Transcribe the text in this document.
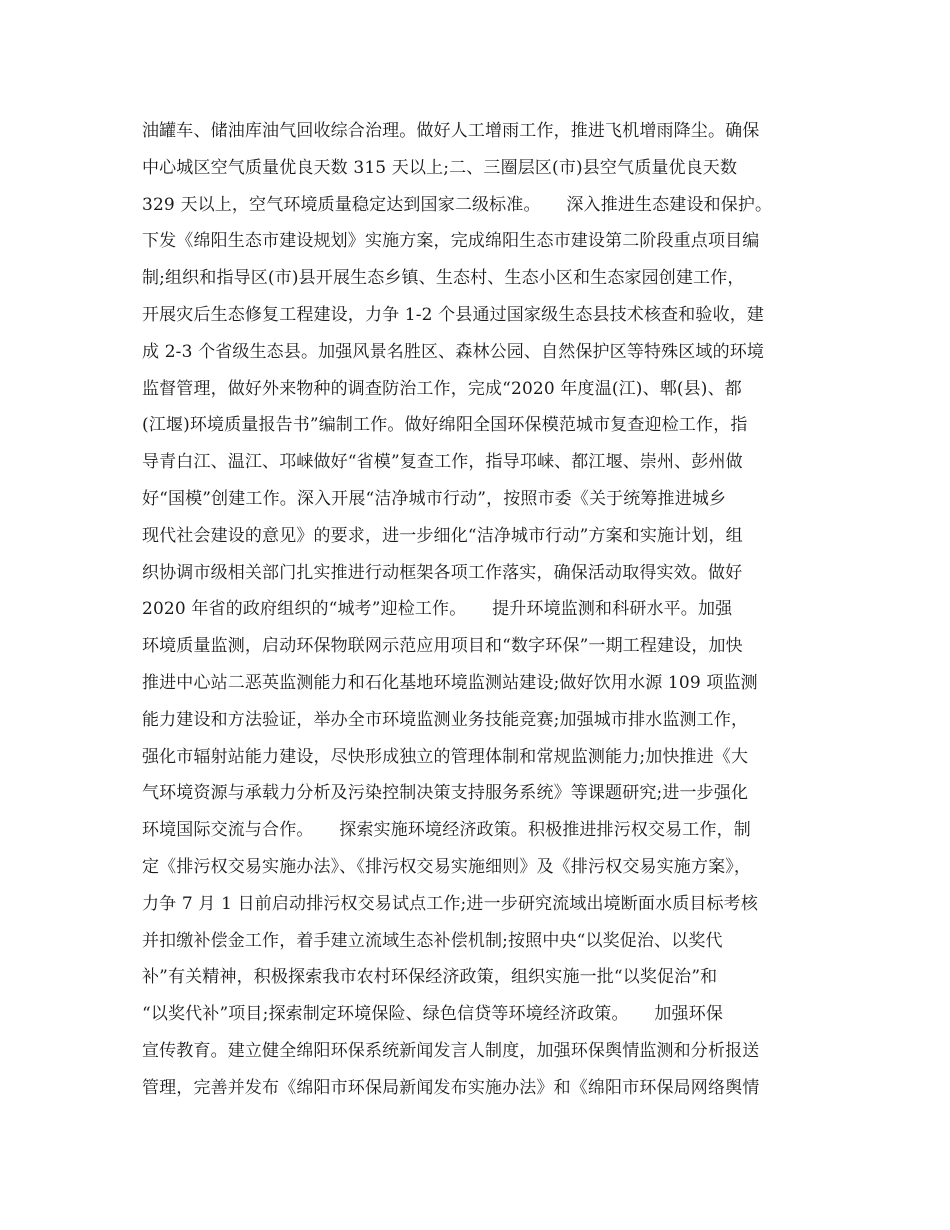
油罐车、储油库油气回收综合治理。做好人工增雨工作，推进飞机增雨降尘。确保
中心城区空气质量优良天数 315 天以上;二、三圈层区(市)县空气质量优良天数
329 天以上，空气环境质量稳定达到国家二级标准。　　深入推进生态建设和保护。
下发《绵阳生态市建设规划》实施方案，完成绵阳生态市建设第二阶段重点项目编
制;组织和指导区(市)县开展生态乡镇、生态村、生态小区和生态家园创建工作，
开展灾后生态修复工程建设，力争 1-2 个县通过国家级生态县技术核查和验收，建
成 2-3 个省级生态县。加强风景名胜区、森林公园、自然保护区等特殊区域的环境
监督管理，做好外来物种的调查防治工作，完成“2020 年度温(江)、郫(县)、都
(江堰)环境质量报告书”编制工作。做好绵阳全国环保模范城市复查迎检工作，指
导青白江、温江、邛崃做好“省模”复查工作，指导邛崃、都江堰、崇州、彭州做
好“国模”创建工作。深入开展“洁净城市行动”，按照市委《关于统筹推进城乡
现代社会建设的意见》的要求，进一步细化“洁净城市行动”方案和实施计划，组
织协调市级相关部门扎实推进行动框架各项工作落实，确保活动取得实效。做好
2020 年省的政府组织的“城考”迎检工作。　　提升环境监测和科研水平。加强
环境质量监测，启动环保物联网示范应用项目和“数字环保”一期工程建设，加快
推进中心站二恶英监测能力和石化基地环境监测站建设;做好饮用水源 109 项监测
能力建设和方法验证，举办全市环境监测业务技能竞赛;加强城市排水监测工作，
强化市辐射站能力建设，尽快形成独立的管理体制和常规监测能力;加快推进《大
气环境资源与承载力分析及污染控制决策支持服务系统》等课题研究;进一步强化
环境国际交流与合作。　　探索实施环境经济政策。积极推进排污权交易工作，制
定《排污权交易实施办法》、《排污权交易实施细则》及《排污权交易实施方案》，
力争 7 月 1 日前启动排污权交易试点工作;进一步研究流域出境断面水质目标考核
并扣缴补偿金工作，着手建立流域生态补偿机制;按照中央“以奖促治、以奖代
补”有关精神，积极探索我市农村环保经济政策，组织实施一批“以奖促治”和
“以奖代补”项目;探索制定环境保险、绿色信贷等环境经济政策。　　加强环保
宣传教育。建立健全绵阳环保系统新闻发言人制度，加强环保舆情监测和分析报送
管理，完善并发布《绵阳市环保局新闻发布实施办法》和《绵阳市环保局网络舆情
